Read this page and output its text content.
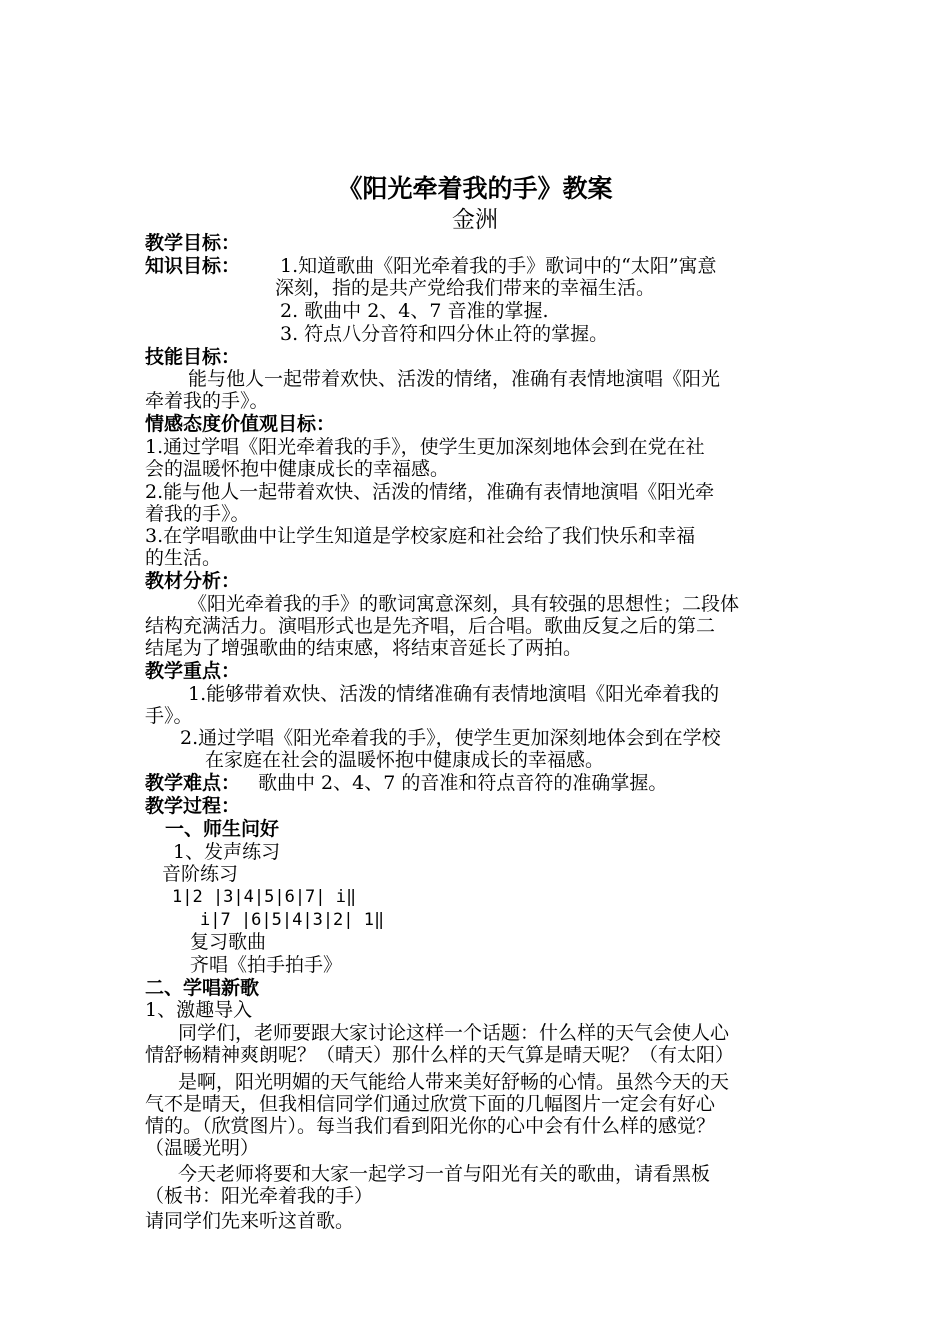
《阳光牵着我的手》教案
金洲
教学目标：
知识目标：	1.知道歌曲《阳光牵着我的手》歌词中的“太阳”寓意
深刻，指的是共产党给我们带来的幸福生活。
2. 歌曲中 2、4、7 音准的掌握.
3. 符点八分音符和四分休止符的掌握。
技能目标：
能与他人一起带着欢快、活泼的情绪，准确有表情地演唱《阳光
牵着我的手》。
情感态度价值观目标：
1.通过学唱《阳光牵着我的手》，使学生更加深刻地体会到在党在社
会的温暖怀抱中健康成长的幸福感。
2.能与他人一起带着欢快、活泼的情绪，准确有表情地演唱《阳光牵
着我的手》。
3.在学唱歌曲中让学生知道是学校家庭和社会给了我们快乐和幸福
的生活。
教材分析：
《阳光牵着我的手》的歌词寓意深刻，具有较强的思想性；二段体
结构充满活力。演唱形式也是先齐唱，后合唱。歌曲反复之后的第二
结尾为了增强歌曲的结束感，将结束音延长了两拍。
教学重点：
1.能够带着欢快、活泼的情绪准确有表情地演唱《阳光牵着我的
手》。
2.通过学唱《阳光牵着我的手》，使学生更加深刻地体会到在学校
在家庭在社会的温暖怀抱中健康成长的幸福感。
教学难点： 歌曲中 2、4、7 的音准和符点音符的准确掌握。
教学过程：
一、师生问好
1、发声练习
音阶练习
1|2 |3|4|5|6|7| i‖
i|7 |6|5|4|3|2| 1‖
复习歌曲
齐唱《拍手拍手》
二、学唱新歌
1、激趣导入
同学们，老师要跟大家讨论这样一个话题：什么样的天气会使人心
情舒畅精神爽朗呢？（晴天）那什么样的天气算是晴天呢？（有太阳）
是啊，阳光明媚的天气能给人带来美好舒畅的心情。虽然今天的天
气不是晴天，但我相信同学们通过欣赏下面的几幅图片一定会有好心
情的。（欣赏图片）。每当我们看到阳光你的心中会有什么样的感觉？
（温暖光明）
今天老师将要和大家一起学习一首与阳光有关的歌曲，请看黑板
（板书：阳光牵着我的手）
请同学们先来听这首歌。
